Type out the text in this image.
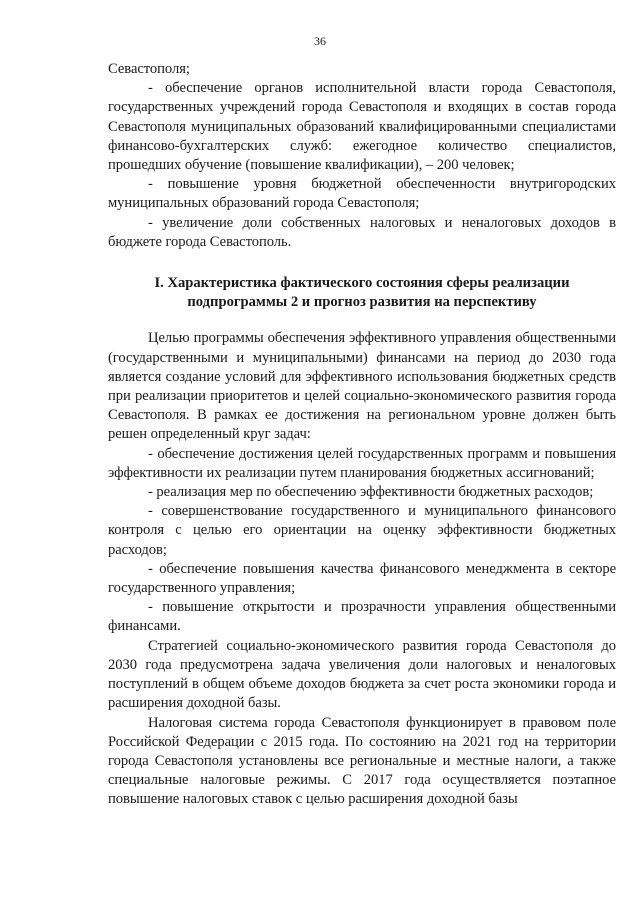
36

Севастополя;

- обеспечение органов исполнительной власти города Севастополя, государственных учреждений города Севастополя и входящих в состав города Севастополя муниципальных образований квалифицированными специалистами финансово-бухгалтерских служб: ежегодное количество специалистов, прошедших обучение (повышение квалификации), – 200 человек;

- повышение уровня бюджетной обеспеченности внутригородских муниципальных образований города Севастополя;

- увеличение доли собственных налоговых и неналоговых доходов в бюджете города Севастополь.

I. Характеристика фактического состояния сферы реализации
подпрограммы 2 и прогноз развития на перспективу

Целью программы обеспечения эффективного управления общественными (государственными и муниципальными) финансами на период до 2030 года является создание условий для эффективного использования бюджетных средств при реализации приоритетов и целей социально-экономического развития города Севастополя. В рамках ее достижения на региональном уровне должен быть решен определенный круг задач:

- обеспечение достижения целей государственных программ и повышения эффективности их реализации путем планирования бюджетных ассигнований;

- реализация мер по обеспечению эффективности бюджетных расходов;

- совершенствование государственного и муниципального финансового контроля с целью его ориентации на оценку эффективности бюджетных расходов;

- обеспечение повышения качества финансового менеджмента в секторе государственного управления;

- повышение открытости и прозрачности управления общественными финансами.

Стратегией социально-экономического развития города Севастополя до 2030 года предусмотрена задача увеличения доли налоговых и неналоговых поступлений в общем объеме доходов бюджета за счет роста экономики города и расширения доходной базы.

Налоговая система города Севастополя функционирует в правовом поле Российской Федерации с 2015 года. По состоянию на 2021 год на территории города Севастополя установлены все региональные и местные налоги, а также специальные налоговые режимы. С 2017 года осуществляется поэтапное повышение налоговых ставок с целью расширения доходной базы
